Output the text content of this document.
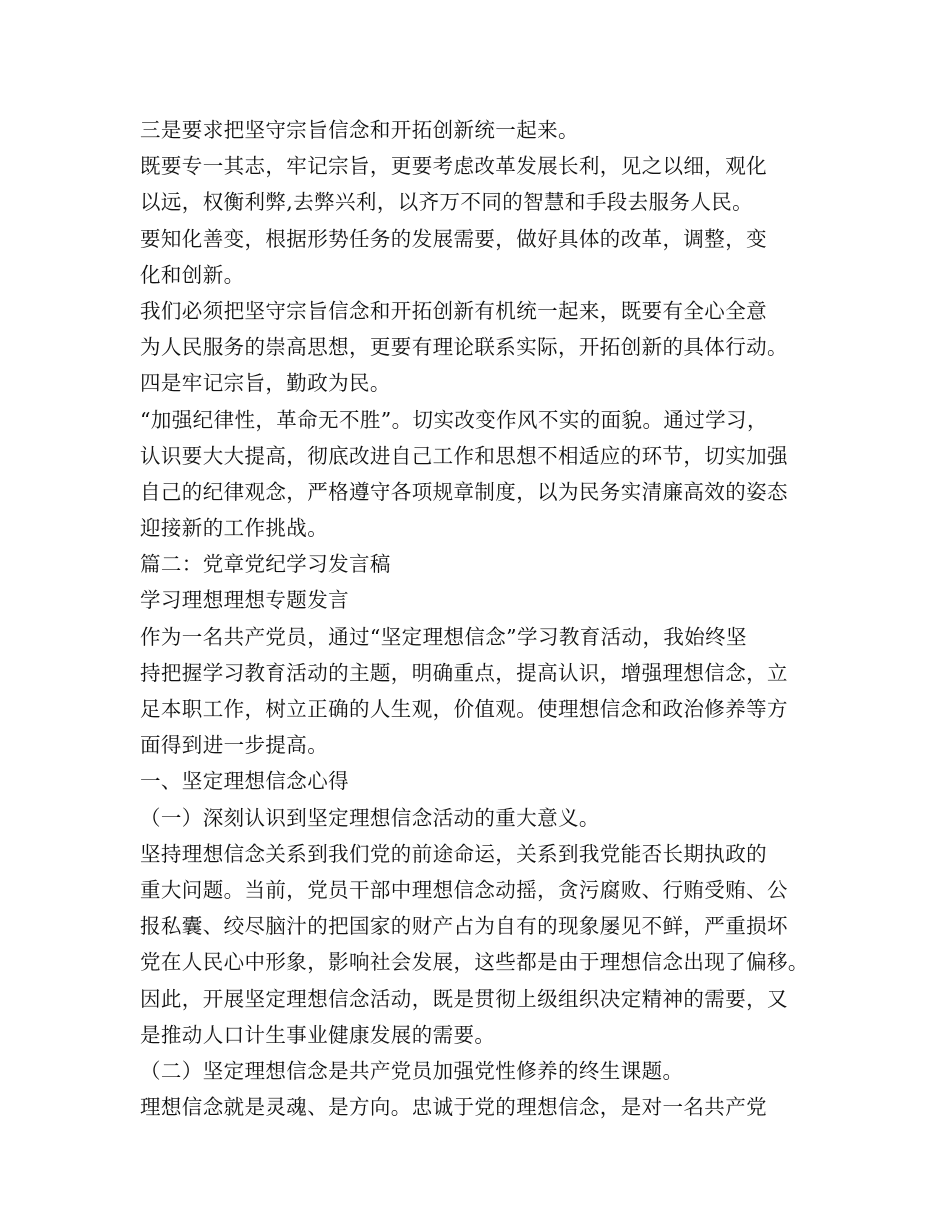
三是要求把坚守宗旨信念和开拓创新统一起来。
既要专一其志，牢记宗旨，更要考虑改革发展长利，见之以细，观化
以远，权衡利弊,去弊兴利，以齐万不同的智慧和手段去服务人民。
要知化善变，根据形势任务的发展需要，做好具体的改革，调整，变
化和创新。
我们必须把坚守宗旨信念和开拓创新有机统一起来，既要有全心全意
为人民服务的崇高思想，更要有理论联系实际，开拓创新的具体行动。
四是牢记宗旨，勤政为民。
“加强纪律性，革命无不胜”。切实改变作风不实的面貌。通过学习，
认识要大大提高，彻底改进自己工作和思想不相适应的环节，切实加强
自己的纪律观念，严格遵守各项规章制度，以为民务实清廉高效的姿态
迎接新的工作挑战。
篇二：党章党纪学习发言稿
学习理想理想专题发言
作为一名共产党员，通过“坚定理想信念”学习教育活动，我始终坚
持把握学习教育活动的主题，明确重点，提高认识，增强理想信念，立
足本职工作，树立正确的人生观，价值观。使理想信念和政治修养等方
面得到进一步提高。
一、坚定理想信念心得
（一）深刻认识到坚定理想信念活动的重大意义。
坚持理想信念关系到我们党的前途命运，关系到我党能否长期执政的
重大问题。当前，党员干部中理想信念动摇，贪污腐败、行贿受贿、公
报私囊、绞尽脑汁的把国家的财产占为自有的现象屡见不鲜，严重损坏
党在人民心中形象，影响社会发展，这些都是由于理想信念出现了偏移。
因此，开展坚定理想信念活动，既是贯彻上级组织决定精神的需要，又
是推动人口计生事业健康发展的需要。
（二）坚定理想信念是共产党员加强党性修养的终生课题。
理想信念就是灵魂、是方向。忠诚于党的理想信念，是对一名共产党
